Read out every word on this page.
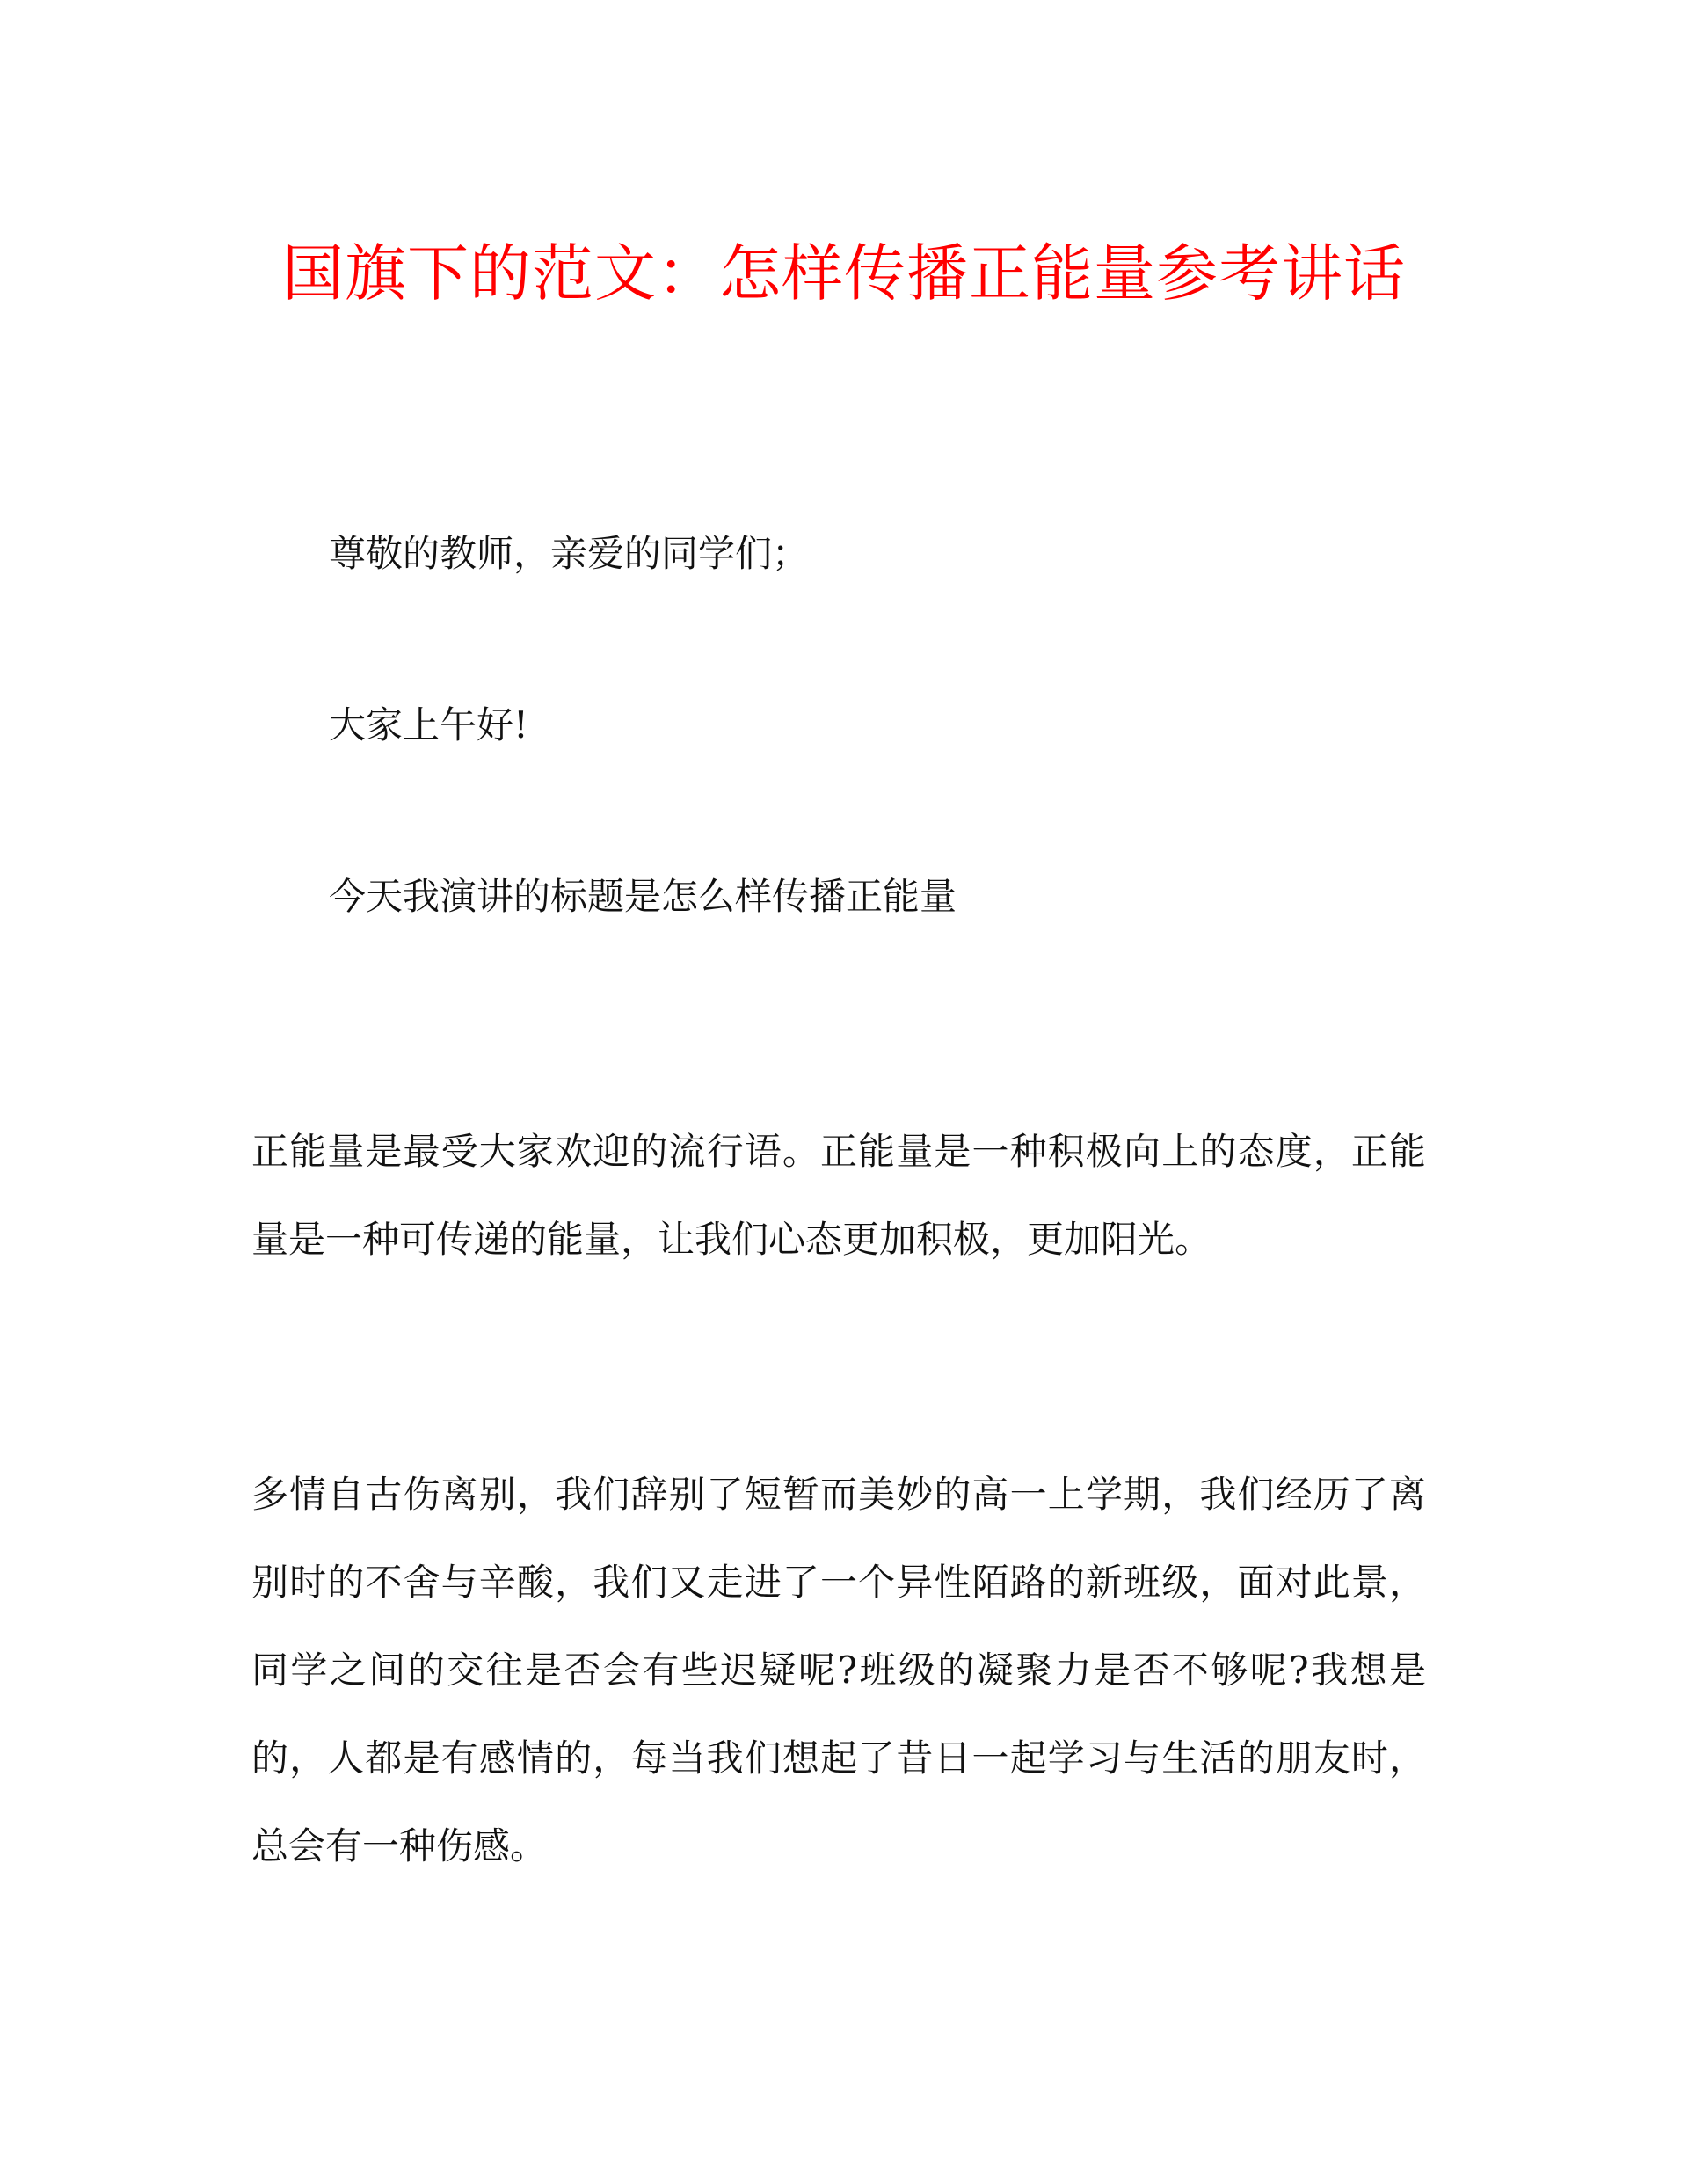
国旗下的范文：怎样传播正能量参考讲话

尊敬的教师，亲爱的同学们；

大家上午好!

今天我演讲的标题是怎么样传播正能量

正能量是最受大家欢迎的流行语。正能量是一种积极向上的态度，正能量是一种可传递的能量，让我们心态更加积极，更加阳光。

多情自古伤离别，我们辞别了短暂而美妙的高一上学期，我们经历了离别时的不舍与辛酸，我们又走进了一个异性陌路的新班级，面对此景，同学之间的交往是否会有些迟疑呢?班级的凝聚力是否不够呢?我想是的，人都是有感情的，每当我们想起了昔日一起学习与生活的朋友时，总会有一种伤感。
